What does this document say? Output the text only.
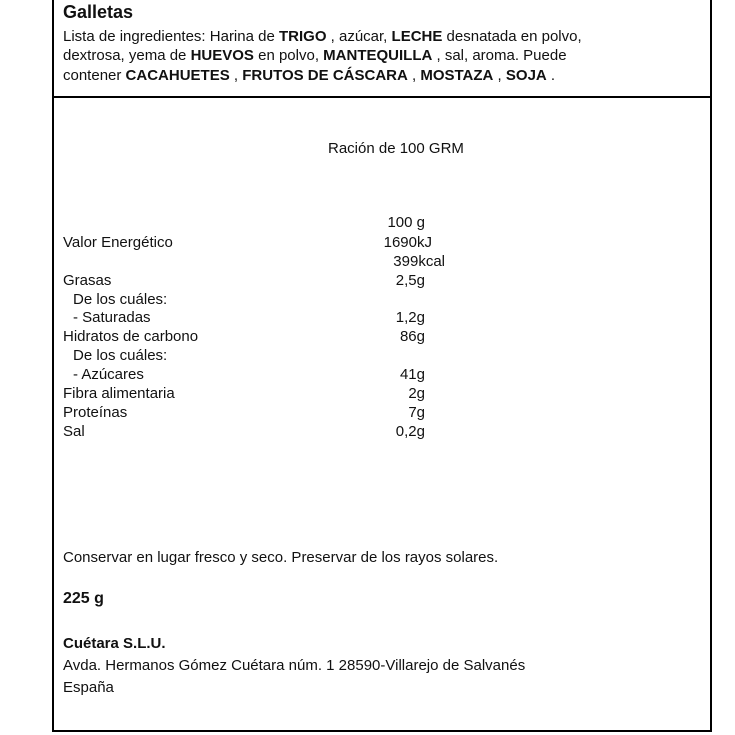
Galletas
Lista de ingredientes: Harina de TRIGO , azúcar, LECHE desnatada en polvo,
dextrosa, yema de HUEVOS en polvo, MANTEQUILLA , sal, aroma. Puede
contener CACAHUETES , FRUTOS DE CÁSCARA , MOSTAZA , SOJA .
Ración de 100 GRM
100 g
Valor Energético	1690kJ
399kcal
Grasas	2,5g
De los cuáles:
- Saturadas	1,2g
Hidratos de carbono	86g
De los cuáles:
- Azúcares	41g
Fibra alimentaria	2g
Proteínas	7g
Sal	0,2g
Conservar en lugar fresco y seco. Preservar de los rayos solares.
225 g
Cuétara S.L.U.
Avda. Hermanos Gómez Cuétara núm. 1 28590-Villarejo de Salvanés
España
